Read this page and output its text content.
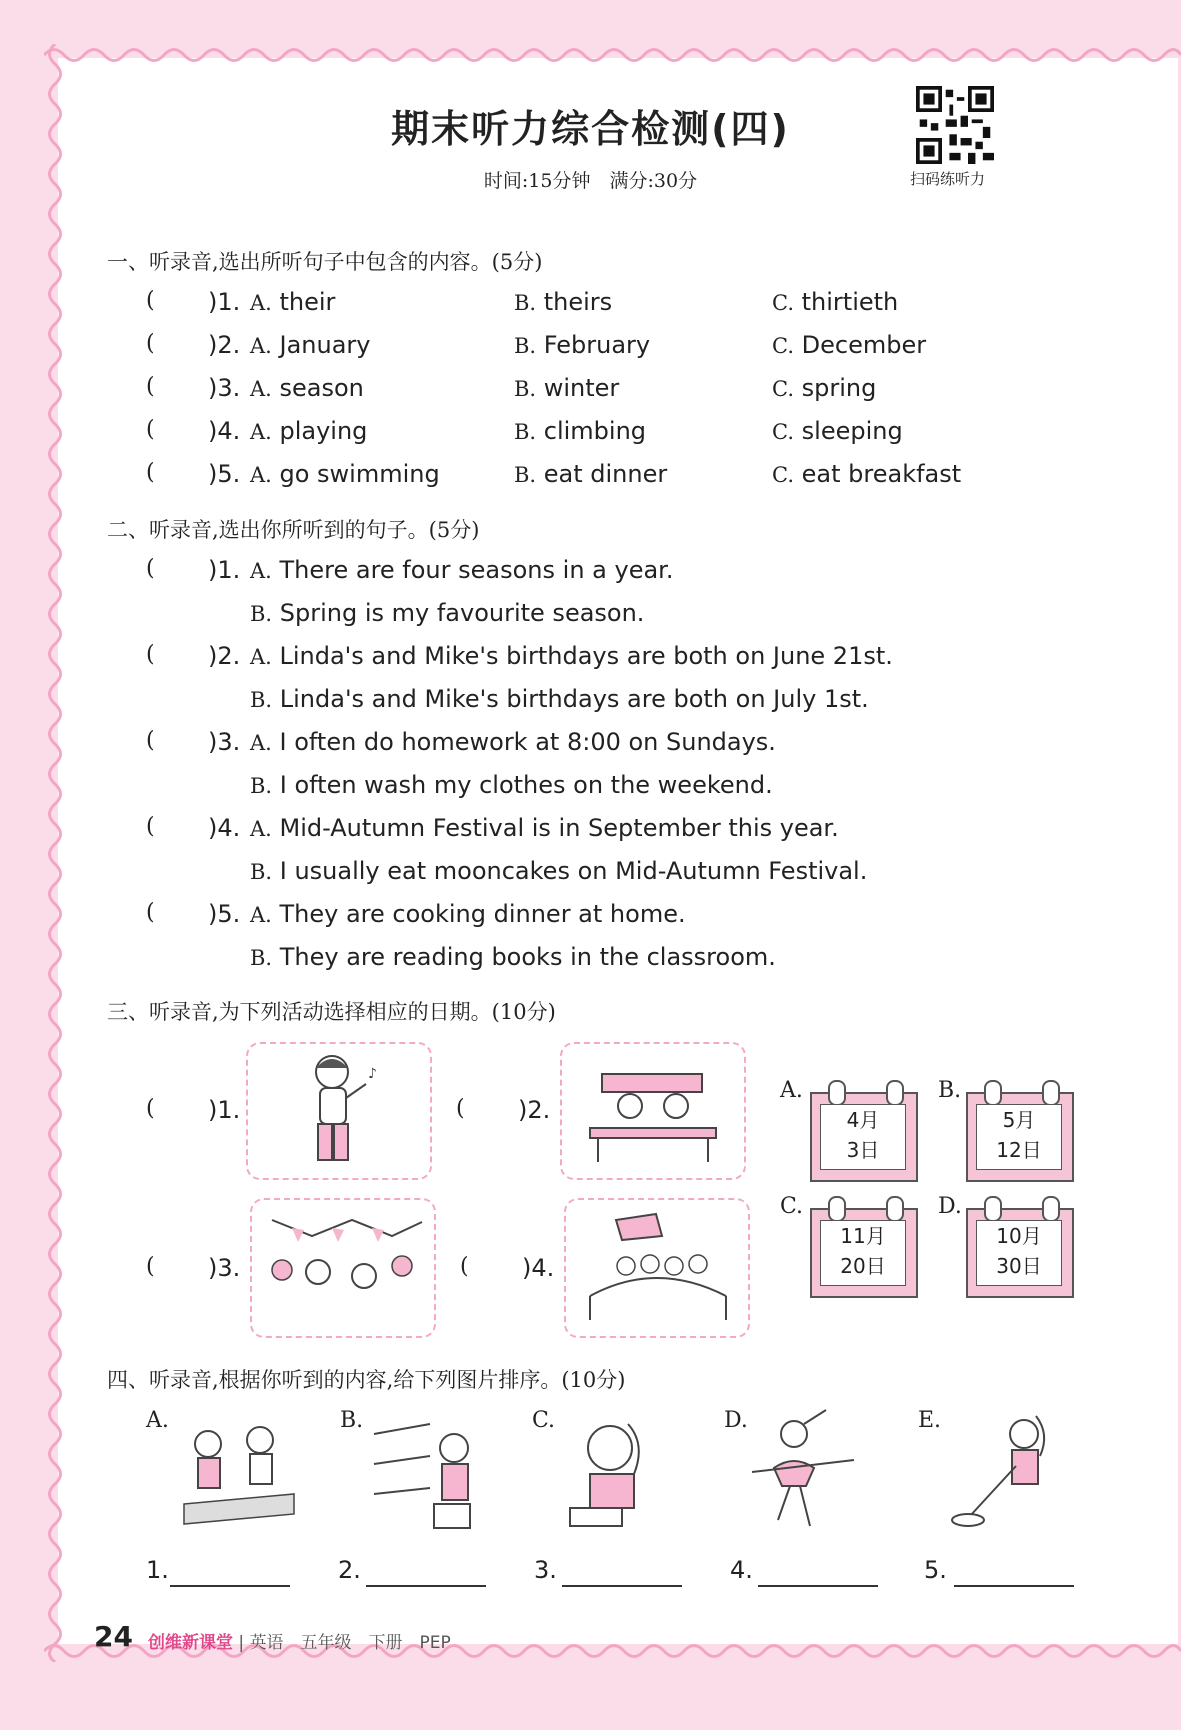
期末听力综合检测(四)
时间:15分钟　满分:30分	扫码练听力
一、听录音,选出所听句子中包含的内容。(5分)
( )1. A. their	B. theirs	C. thirtieth
( )2. A. January	B. February	C. December
( )3. A. season	B. winter	C. spring
( )4. A. playing	B. climbing	C. sleeping
( )5. A. go swimming	B. eat dinner	C. eat breakfast
二、听录音,选出你所听到的句子。(5分)
( )1. A. There are four seasons in a year.
B. Spring is my favourite season.
( )2. A. Linda's and Mike's birthdays are both on June 21st.
B. Linda's and Mike's birthdays are both on July 1st.
( )3. A. I often do homework at 8:00 on Sundays.
B. I often wash my clothes on the weekend.
( )4. A. Mid-Autumn Festival is in September this year.
B. I usually eat mooncakes on Mid-Autumn Festival.
( )5. A. They are cooking dinner at home.
B. They are reading books in the classroom.
三、听录音,为下列活动选择相应的日期。(10分)
( )1.
♪
( )2.
( )3.	( )4.
A.
4月
3日
B.
5月
12日
C.
11月
20日
D.
10月
30日
四、听录音,根据你听到的内容,给下列图片排序。(10分)
A.	B.	C.	D.	E.
1.	2.	3.	4.	5.
24 创维新课堂 | 英语　五年级　下册　PEP
